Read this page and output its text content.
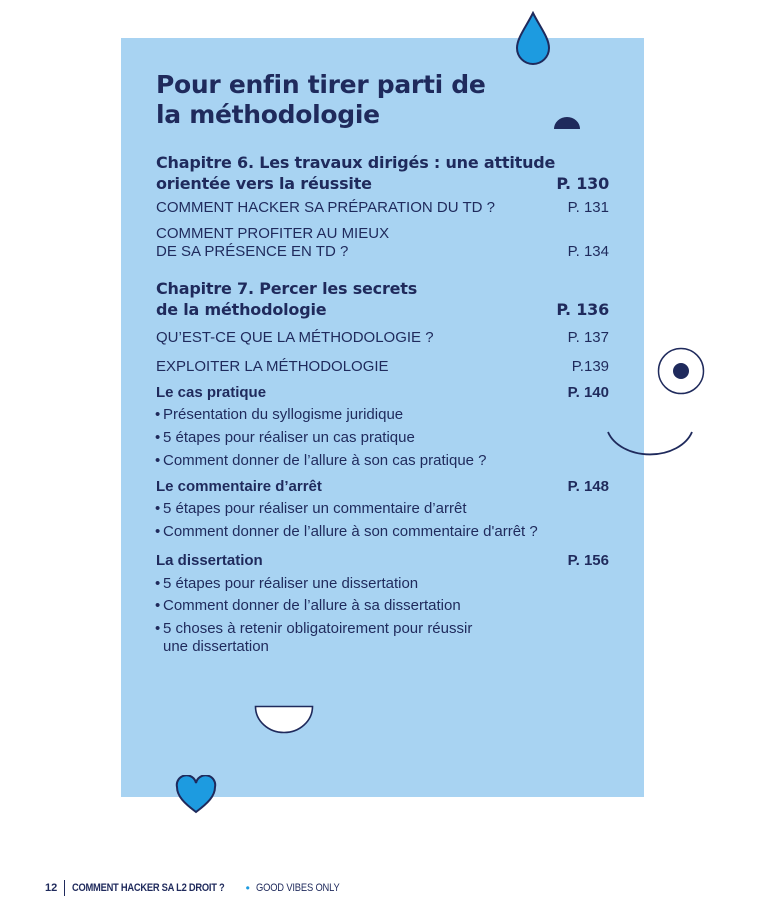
Pour enfin tirer parti de
la méthodologie
Chapitre 6. Les travaux dirigés : une attitude
orientée vers la réussite	P. 130
COMMENT HACKER SA PRÉPARATION DU TD ?	P. 131
COMMENT PROFITER AU MIEUX
DE SA PRÉSENCE EN TD ?	P. 134
Chapitre 7. Percer les secrets
de la méthodologie	P. 136
QU’EST-CE QUE LA MÉTHODOLOGIE ?	P. 137
EXPLOITER LA MÉTHODOLOGIE	P.139
Le cas pratique	P. 140
• Présentation du syllogisme juridique
• 5 étapes pour réaliser un cas pratique
• Comment donner de l’allure à son cas pratique ?
Le commentaire d’arrêt	P. 148
• 5 étapes pour réaliser un commentaire d’arrêt
• Comment donner de l’allure à son commentaire d'arrêt ?
La dissertation	P. 156
• 5 étapes pour réaliser une dissertation
• Comment donner de l’allure à sa dissertation
• 5 choses à retenir obligatoirement pour réussir
une dissertation
12 COMMENT HACKER SA L2 DROIT ? • GOOD VIBES ONLY
